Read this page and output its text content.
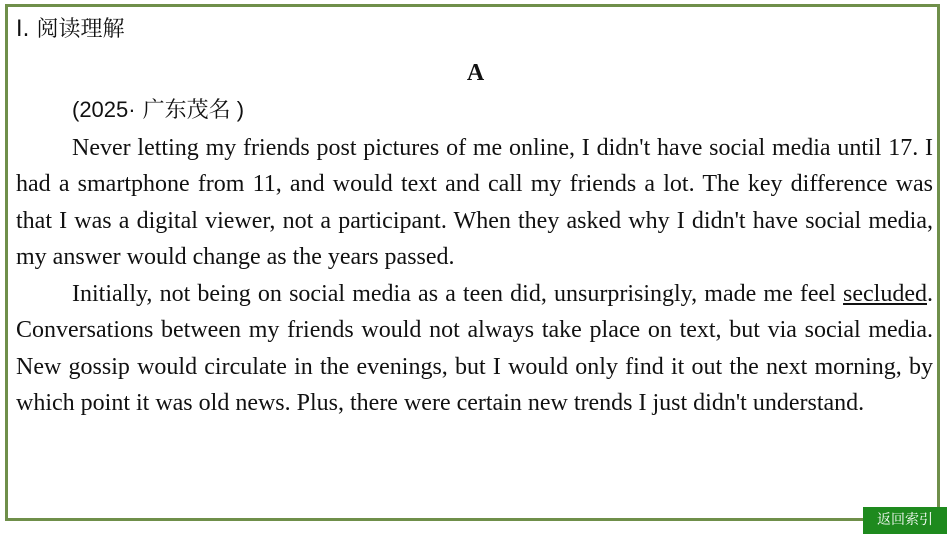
I. 阅读理解
A

(2025· 广东茂名 )

Never letting my friends post pictures of me online, I didn't have social media until 17. I had a smartphone from 11, and would text and call my friends a lot. The key difference was that I was a digital viewer, not a participant. When they asked why I didn't have social media, my answer would change as the years passed.

Initially, not being on social media as a teen did, unsurprisingly, made me feel secluded. Conversations between my friends would not always take place on text, but via social media. New gossip would circulate in the evenings, but I would only find it out the next morning, by which point it was old news. Plus, there were certain new trends I just didn't understand.

返回索引
